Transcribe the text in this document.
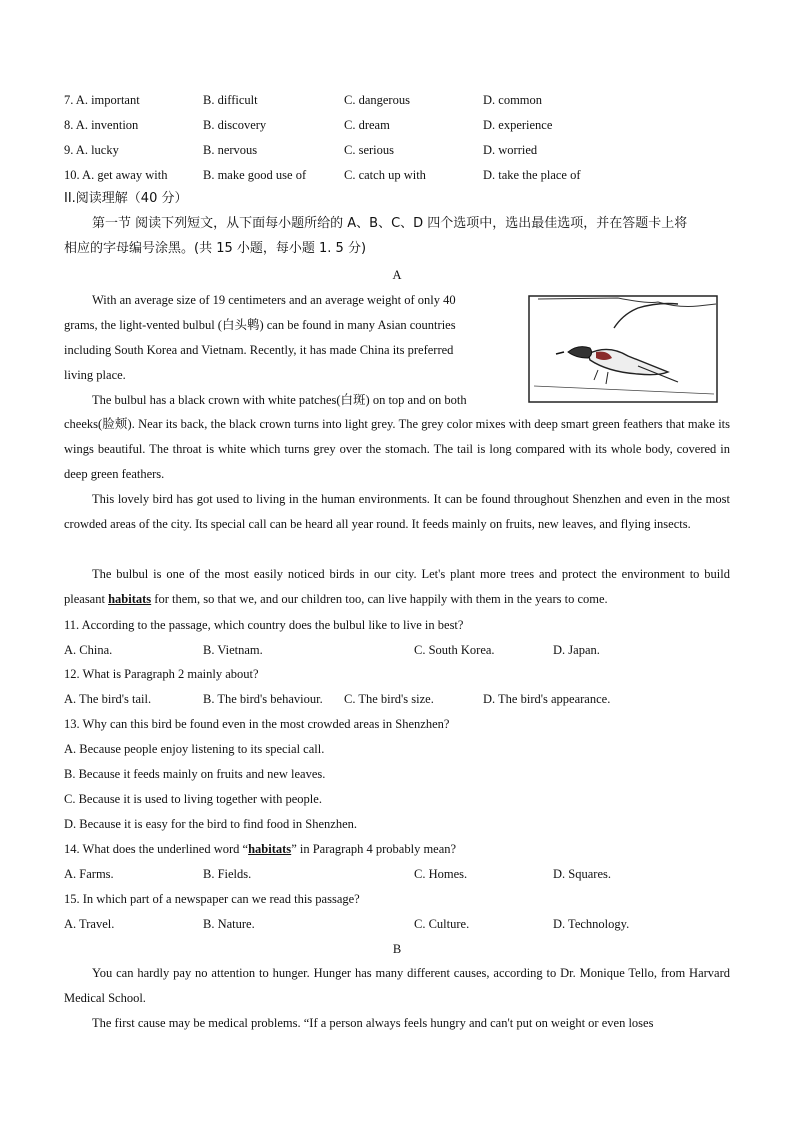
7. A. important	B. difficult	C. dangerous	D. common
8. A. invention	B. discovery	C. dream	D. experience
9. A. lucky	B. nervous	C. serious	D. worried
10. A. get away with	B. make good use of	C. catch up with	D. take the place of
II.阅读理解（40 分）
第一节 阅读下列短文，从下面每小题所给的 A、B、C、D 四个选项中，选出最佳选项，并在答题卡上将
相应的字母编号涂黑。(共 15 小题，每小题 1. 5 分)
A
With an average size of 19 centimeters and an average weight of only 40
grams, the light-vented bulbul (白头鹎) can be found in many Asian countries
including South Korea and Vietnam. Recently, it has made China its preferred
living place.
The bulbul has a black crown with white patches(白斑) on top and on both
cheeks(脸颊). Near its back, the black crown turns into light grey. The grey color mixes with deep smart green feathers that make its wings beautiful. The throat is white which turns grey over the stomach. The tail is long compared with its whole body, covered in deep green feathers.
This lovely bird has got used to living in the human environments. It can be found throughout Shenzhen and even in the most crowded areas of the city. Its special call can be heard all year round. It feeds mainly on fruits, new leaves, and flying insects.
The bulbul is one of the most easily noticed birds in our city. Let's plant more trees and protect the environment to build pleasant habitats for them, so that we, and our children too, can live happily with them in the years to come.
11. According to the passage, which country does the bulbul like to live in best?
A. China.	B. Vietnam.	C. South Korea.	D. Japan.
12. What is Paragraph 2 mainly about?
A. The bird's tail.	B. The bird's behaviour. C. The bird's size.	D. The bird's appearance.
13. Why can this bird be found even in the most crowded areas in Shenzhen?
A. Because people enjoy listening to its special call.
B. Because it feeds mainly on fruits and new leaves.
C. Because it is used to living together with people.
D. Because it is easy for the bird to find food in Shenzhen.
14. What does the underlined word “habitats” in Paragraph 4 probably mean?
A. Farms.	B. Fields.	C. Homes.	D. Squares.
15. In which part of a newspaper can we read this passage?
A. Travel.	B. Nature.	C. Culture.	D. Technology.
B
You can hardly pay no attention to hunger. Hunger has many different causes, according to Dr. Monique Tello, from Harvard Medical School.
The first cause may be medical problems. “If a person always feels hungry and can't put on weight or even loses
